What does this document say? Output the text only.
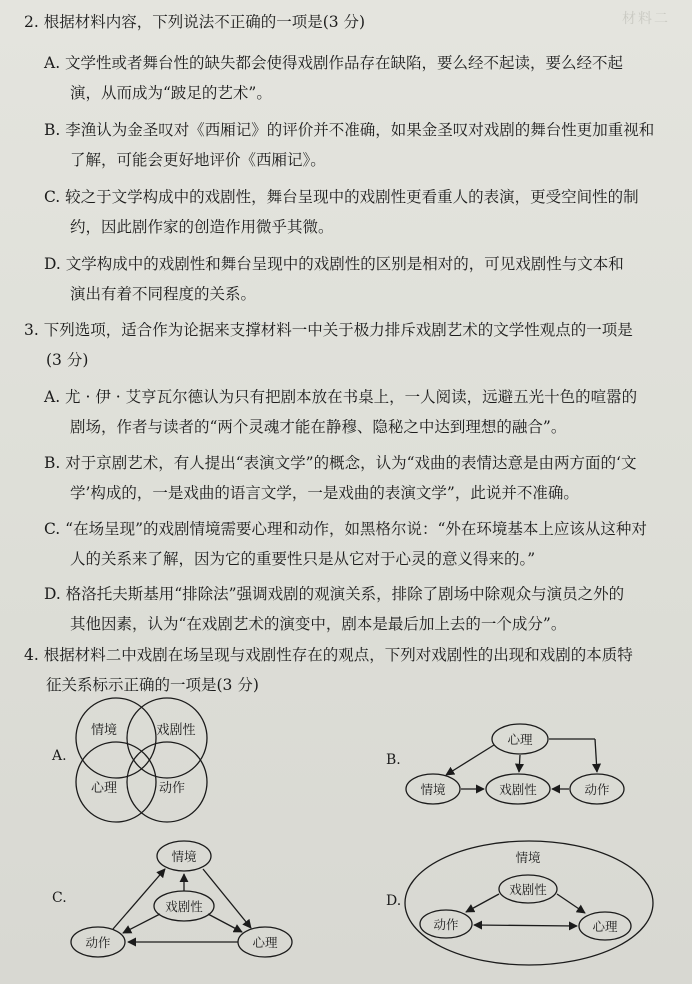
材料二
2. 根据材料内容，下列说法不正确的一项是(3 分)
A. 文学性或者舞台性的缺失都会使得戏剧作品存在缺陷，要么经不起读，要么经不起
演，从而成为“跛足的艺术”。
B. 李渔认为金圣叹对《西厢记》的评价并不准确，如果金圣叹对戏剧的舞台性更加重视和
了解，可能会更好地评价《西厢记》。
C. 较之于文学构成中的戏剧性，舞台呈现中的戏剧性更看重人的表演，更受空间性的制
约，因此剧作家的创造作用微乎其微。
D. 文学构成中的戏剧性和舞台呈现中的戏剧性的区别是相对的，可见戏剧性与文本和
演出有着不同程度的关系。
3. 下列选项，适合作为论据来支撑材料一中关于极力排斥戏剧艺术的文学性观点的一项是
(3 分)
A. 尤 · 伊 · 艾亨瓦尔德认为只有把剧本放在书桌上，一人阅读，远避五光十色的喧嚣的
剧场，作者与读者的“两个灵魂才能在静穆、隐秘之中达到理想的融合”。
B. 对于京剧艺术，有人提出“表演文学”的概念，认为“戏曲的表情达意是由两方面的‘文
学’构成的，一是戏曲的语言文学，一是戏曲的表演文学”，此说并不准确。
C. “在场呈现”的戏剧情境需要心理和动作，如黑格尔说：“外在环境基本上应该从这种对
人的关系来了解，因为它的重要性只是从它对于心灵的意义得来的。”
D. 格洛托夫斯基用“排除法”强调戏剧的观演关系，排除了剧场中除观众与演员之外的
其他因素，认为“在戏剧艺术的演变中，剧本是最后加上去的一个成分”。
4. 根据材料二中戏剧在场呈现与戏剧性存在的观点，下列对戏剧性的出现和戏剧的本质特
征关系标示正确的一项是(3 分)
A.	B.
C.	D.
情境	戏剧性
心理	动作
心理
情境	戏剧性	动作
情境
戏剧性
动作	心理
情境
戏剧性
动作	心理
